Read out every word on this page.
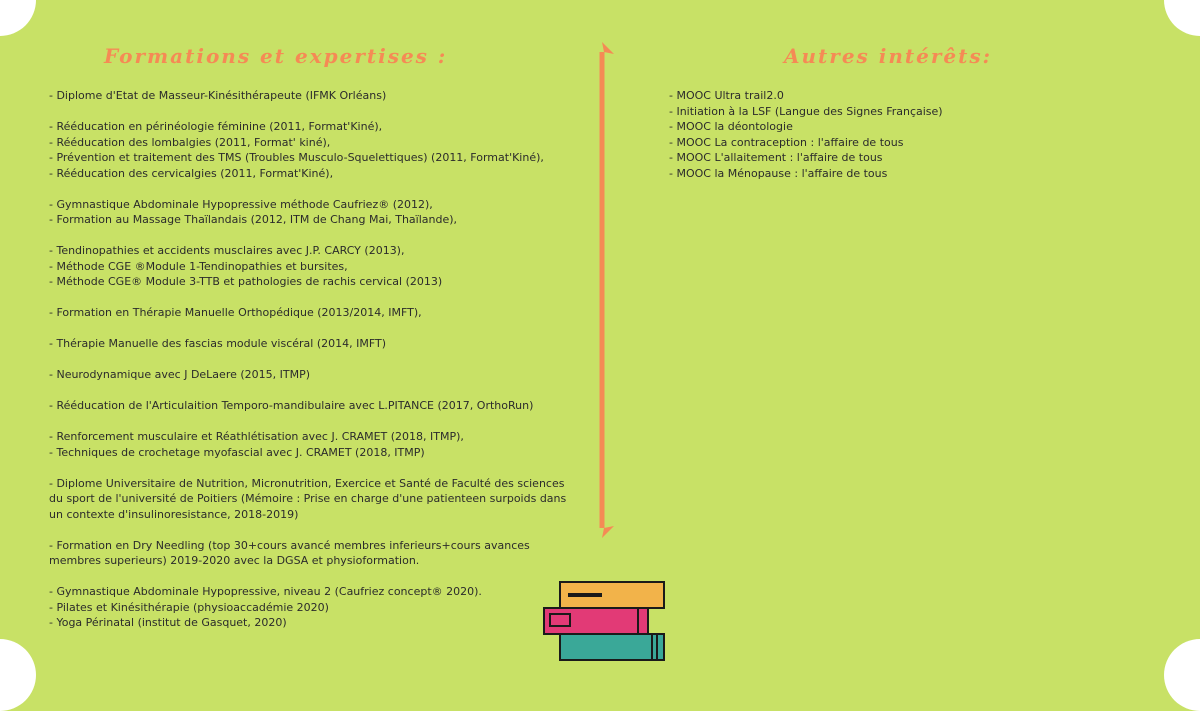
Formations et expertises :	Autres intérêts:
- Diplome d'Etat de Masseur-Kinésithérapeute (IFMK Orléans)
- Rééducation en périnéologie féminine (2011, Format'Kiné),
- Rééducation des lombalgies (2011, Format' kiné),
- Prévention et traitement des TMS (Troubles Musculo-Squelettiques) (2011, Format'Kiné),
- Rééducation des cervicalgies (2011, Format'Kiné),
- Gymnastique Abdominale Hypopressive méthode Caufriez® (2012),
- Formation au Massage Thaïlandais (2012, ITM de Chang Mai, Thaïlande),
- Tendinopathies et accidents musclaires avec J.P. CARCY (2013),
- Méthode CGE ®Module 1-Tendinopathies et bursites,
- Méthode CGE® Module 3-TTB et pathologies de rachis cervical (2013)
- Formation en Thérapie Manuelle Orthopédique (2013/2014, IMFT),
- Thérapie Manuelle des fascias module viscéral (2014, IMFT)
- Neurodynamique avec J DeLaere (2015, ITMP)
- Rééducation de l'Articulaition Temporo-mandibulaire avec L.PITANCE (2017, OrthoRun)
- Renforcement musculaire et Réathlétisation avec J. CRAMET (2018, ITMP),
- Techniques de crochetage myofascial avec J. CRAMET (2018, ITMP)
- Diplome Universitaire de Nutrition, Micronutrition, Exercice et Santé de Faculté des sciences du sport de l'université de Poitiers (Mémoire : Prise en charge d'une patienteen surpoids dans un contexte d'insulinoresistance, 2018-2019)
- Formation en Dry Needling (top 30+cours avancé membres inferieurs+cours avances membres superieurs) 2019-2020 avec la DGSA et physioformation.
- Gymnastique Abdominale Hypopressive, niveau 2 (Caufriez concept® 2020).
- Pilates et Kinésithérapie (physioaccadémie 2020)
- Yoga Périnatal (institut de Gasquet, 2020)
- MOOC Ultra trail2.0
- Initiation à la LSF (Langue des Signes Française)
- MOOC la déontologie
- MOOC La contraception : l'affaire de tous
- MOOC L'allaitement : l'affaire de tous
- MOOC la Ménopause : l'affaire de tous
